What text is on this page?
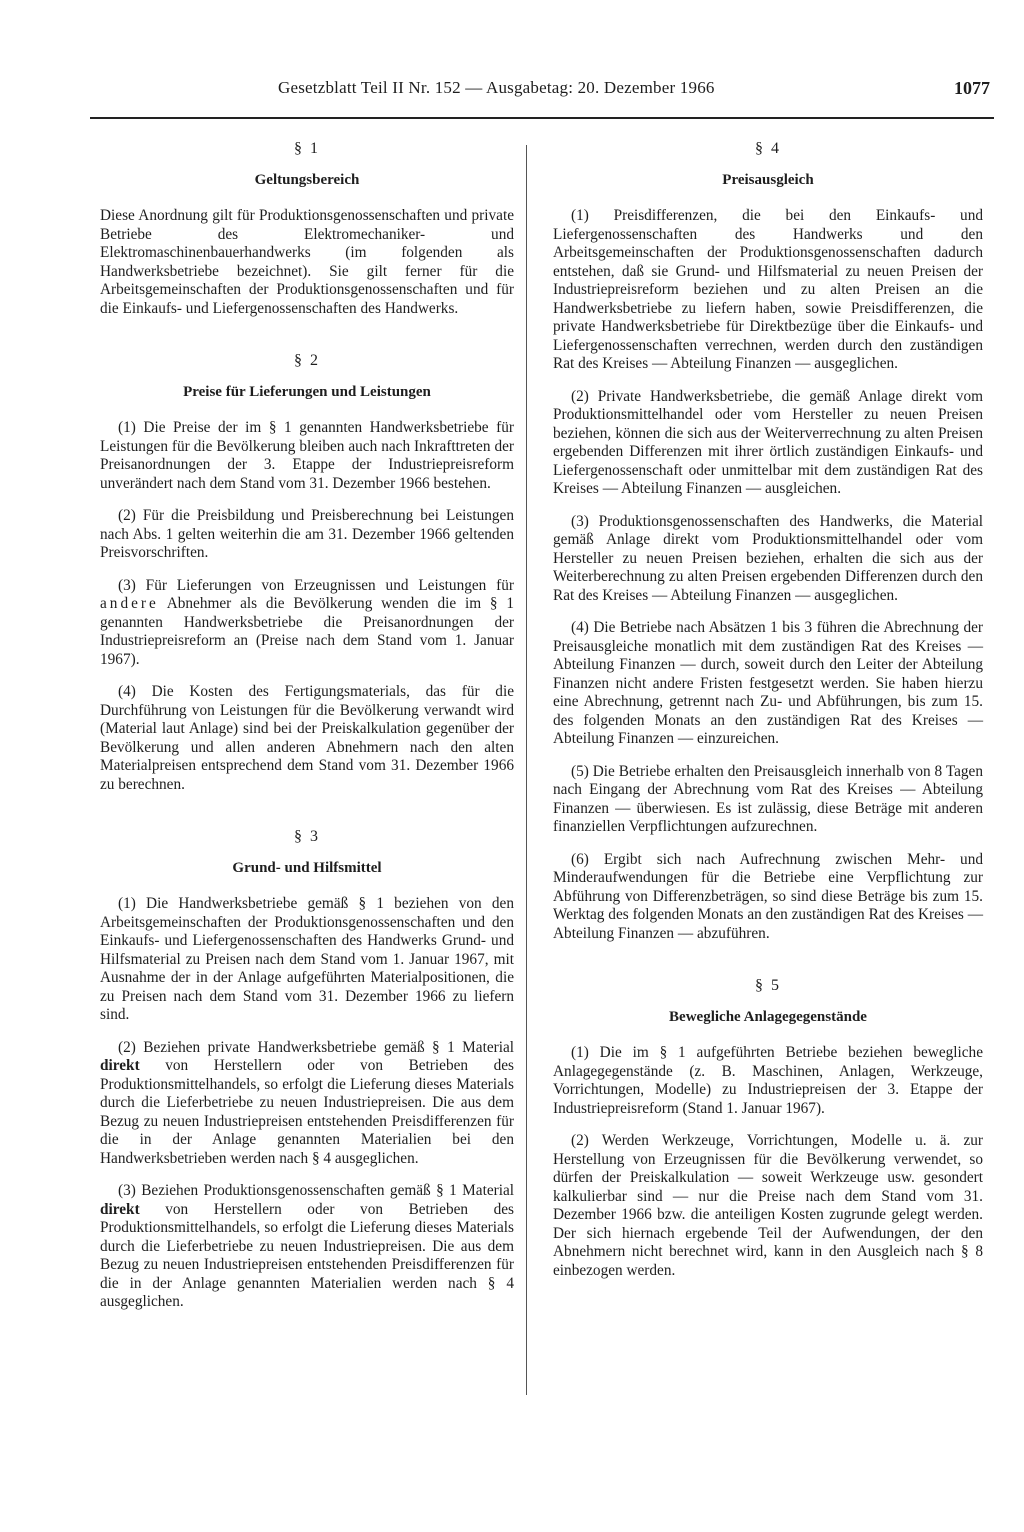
Gesetzblatt Teil II Nr. 152 — Ausgabetag: 20. Dezember 1966	1077
§ 1
Geltungsbereich

Diese Anordnung gilt für Produktionsgenossenschaften und private Betriebe des Elektromechaniker- und Elektromaschinenbauerhandwerks (im folgenden als Handwerksbetriebe bezeichnet). Sie gilt ferner für die Arbeitsgemeinschaften der Produktionsgenossenschaften und für die Einkaufs- und Liefergenossenschaften des Handwerks.

§ 2
Preise für Lieferungen und Leistungen

(1) Die Preise der im § 1 genannten Handwerksbetriebe für Leistungen für die Bevölkerung bleiben auch nach Inkrafttreten der Preisanordnungen der 3. Etappe der Industriepreisreform unverändert nach dem Stand vom 31. Dezember 1966 bestehen.

(2) Für die Preisbildung und Preisberechnung bei Leistungen nach Abs. 1 gelten weiterhin die am 31. Dezember 1966 geltenden Preisvorschriften.

(3) Für Lieferungen von Erzeugnissen und Leistungen für andere Abnehmer als die Bevölkerung wenden die im § 1 genannten Handwerksbetriebe die Preisanordnungen der Industriepreisreform an (Preise nach dem Stand vom 1. Januar 1967).

(4) Die Kosten des Fertigungsmaterials, das für die Durchführung von Leistungen für die Bevölkerung verwandt wird (Material laut Anlage) sind bei der Preiskalkulation gegenüber der Bevölkerung und allen anderen Abnehmern nach den alten Materialpreisen entsprechend dem Stand vom 31. Dezember 1966 zu berechnen.

§ 3
Grund- und Hilfsmittel

(1) Die Handwerksbetriebe gemäß § 1 beziehen von den Arbeitsgemeinschaften der Produktionsgenossenschaften und den Einkaufs- und Liefergenossenschaften des Handwerks Grund- und Hilfsmaterial zu Preisen nach dem Stand vom 1. Januar 1967, mit Ausnahme der in der Anlage aufgeführten Materialpositionen, die zu Preisen nach dem Stand vom 31. Dezember 1966 zu liefern sind.

(2) Beziehen private Handwerksbetriebe gemäß § 1 Material direkt von Herstellern oder von Betrieben des Produktionsmittelhandels, so erfolgt die Lieferung dieses Materials durch die Lieferbetriebe zu neuen Industriepreisen. Die aus dem Bezug zu neuen Industriepreisen entstehenden Preisdifferenzen für die in der Anlage genannten Materialien bei den Handwerksbetrieben werden nach § 4 ausgeglichen.

(3) Beziehen Produktionsgenossenschaften gemäß § 1 Material direkt von Herstellern oder von Betrieben des Produktionsmittelhandels, so erfolgt die Lieferung dieses Materials durch die Lieferbetriebe zu neuen Industriepreisen. Die aus dem Bezug zu neuen Industriepreisen entstehenden Preisdifferenzen für die in der Anlage genannten Materialien werden nach § 4 ausgeglichen.

§ 4
Preisausgleich

(1) Preisdifferenzen, die bei den Einkaufs- und Liefergenossenschaften des Handwerks und den Arbeitsgemeinschaften der Produktionsgenossenschaften dadurch entstehen, daß sie Grund- und Hilfsmaterial zu neuen Preisen der Industriepreisreform beziehen und zu alten Preisen an die Handwerksbetriebe zu liefern haben, sowie Preisdifferenzen, die private Handwerksbetriebe für Direktbezüge über die Einkaufs- und Liefergenossenschaften verrechnen, werden durch den zuständigen Rat des Kreises — Abteilung Finanzen — ausgeglichen.

(2) Private Handwerksbetriebe, die gemäß Anlage direkt vom Produktionsmittelhandel oder vom Hersteller zu neuen Preisen beziehen, können die sich aus der Weiterverrechnung zu alten Preisen ergebenden Differenzen mit ihrer örtlich zuständigen Einkaufs- und Liefergenossenschaft oder unmittelbar mit dem zuständigen Rat des Kreises — Abteilung Finanzen — ausgleichen.

(3) Produktionsgenossenschaften des Handwerks, die Material gemäß Anlage direkt vom Produktionsmittelhandel oder vom Hersteller zu neuen Preisen beziehen, erhalten die sich aus der Weiterberechnung zu alten Preisen ergebenden Differenzen durch den Rat des Kreises — Abteilung Finanzen — ausgeglichen.

(4) Die Betriebe nach Absätzen 1 bis 3 führen die Abrechnung der Preisausgleiche monatlich mit dem zuständigen Rat des Kreises — Abteilung Finanzen — durch, soweit durch den Leiter der Abteilung Finanzen nicht andere Fristen festgesetzt werden. Sie haben hierzu eine Abrechnung, getrennt nach Zu- und Abführungen, bis zum 15. des folgenden Monats an den zuständigen Rat des Kreises — Abteilung Finanzen — einzureichen.

(5) Die Betriebe erhalten den Preisausgleich innerhalb von 8 Tagen nach Eingang der Abrechnung vom Rat des Kreises — Abteilung Finanzen — überwiesen. Es ist zulässig, diese Beträge mit anderen finanziellen Verpflichtungen aufzurechnen.

(6) Ergibt sich nach Aufrechnung zwischen Mehr- und Minderaufwendungen für die Betriebe eine Verpflichtung zur Abführung von Differenzbeträgen, so sind diese Beträge bis zum 15. Werktag des folgenden Monats an den zuständigen Rat des Kreises — Abteilung Finanzen — abzuführen.

§ 5
Bewegliche Anlagegegenstände

(1) Die im § 1 aufgeführten Betriebe beziehen bewegliche Anlagegegenstände (z. B. Maschinen, Anlagen, Werkzeuge, Vorrichtungen, Modelle) zu Industriepreisen der 3. Etappe der Industriepreisreform (Stand 1. Januar 1967).

(2) Werden Werkzeuge, Vorrichtungen, Modelle u. ä. zur Herstellung von Erzeugnissen für die Bevölkerung verwendet, so dürfen der Preiskalkulation — soweit Werkzeuge usw. gesondert kalkulierbar sind — nur die Preise nach dem Stand vom 31. Dezember 1966 bzw. die anteiligen Kosten zugrunde gelegt werden. Der sich hiernach ergebende Teil der Aufwendungen, der den Abnehmern nicht berechnet wird, kann in den Ausgleich nach § 8 einbezogen werden.
